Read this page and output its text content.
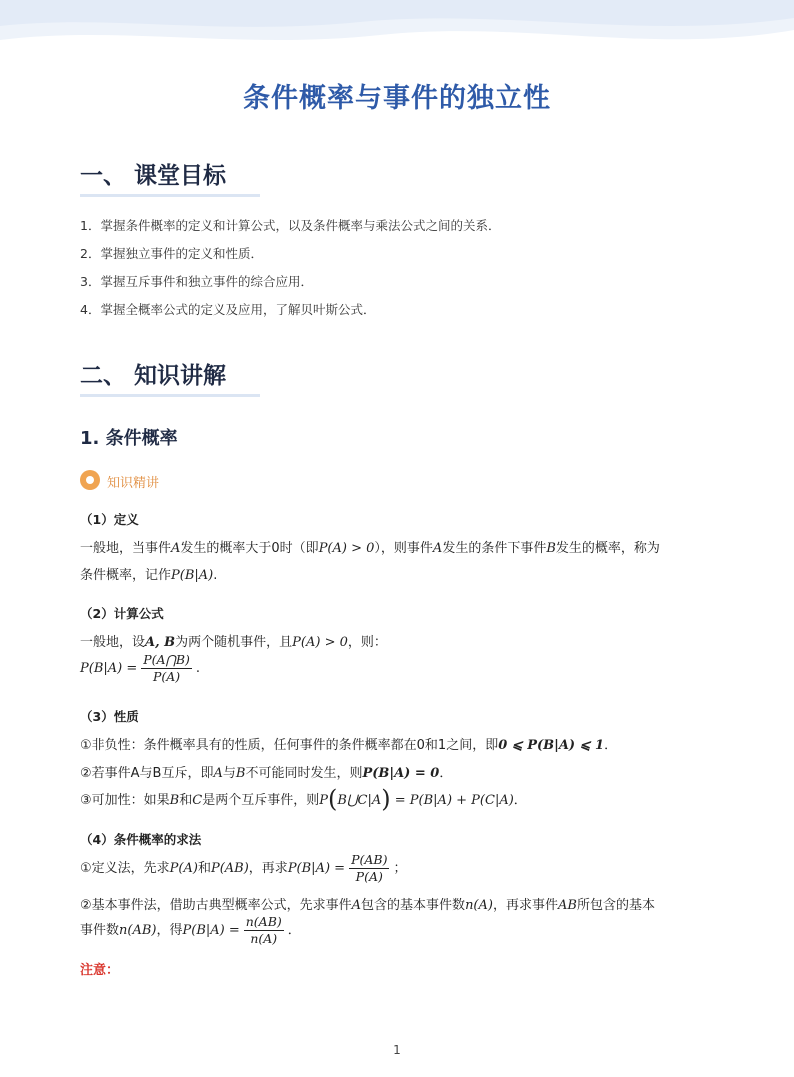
条件概率与事件的独立性
一、 课堂目标
1．掌握条件概率的定义和计算公式，以及条件概率与乘法公式之间的关系．
2．掌握独立事件的定义和性质．
3．掌握互斥事件和独立事件的综合应用．
4．掌握全概率公式的定义及应用，了解贝叶斯公式．
二、 知识讲解
1. 条件概率
知识精讲
（1）定义
一般地，当事件A发生的概率大于0时（即P(A) > 0），则事件A发生的条件下事件B发生的概率，称为
条件概率，记作P(B|A).
（2）计算公式
一般地，设A, B为两个随机事件，且P(A) > 0，则：
$P(B|A) = \frac{P(A⋂B)}{P(A)}$ .
（3）性质
①非负性：条件概率具有的性质，任何事件的条件概率都在0和1之间，即0 ⩽ P(B|A) ⩽ 1．
②若事件A与B互斥，即A与B不可能同时发生，则P(B|A) = 0．
③可加性：如果B和C是两个互斥事件，则P(B⋃C|A) = P(B|A) + P(C|A)．
（4）条件概率的求法
①定义法，先求P(A)和P(AB)，再求$P(B|A) = \frac{P(AB)}{P(A)}$ ；
②基本事件法，借助古典型概率公式，先求事件A包含的基本事件数n(A)，再求事件AB所包含的基本
事件数n(AB)，得$P(B|A) = \frac{n(AB)}{n(A)}$ ．
注意：
1
